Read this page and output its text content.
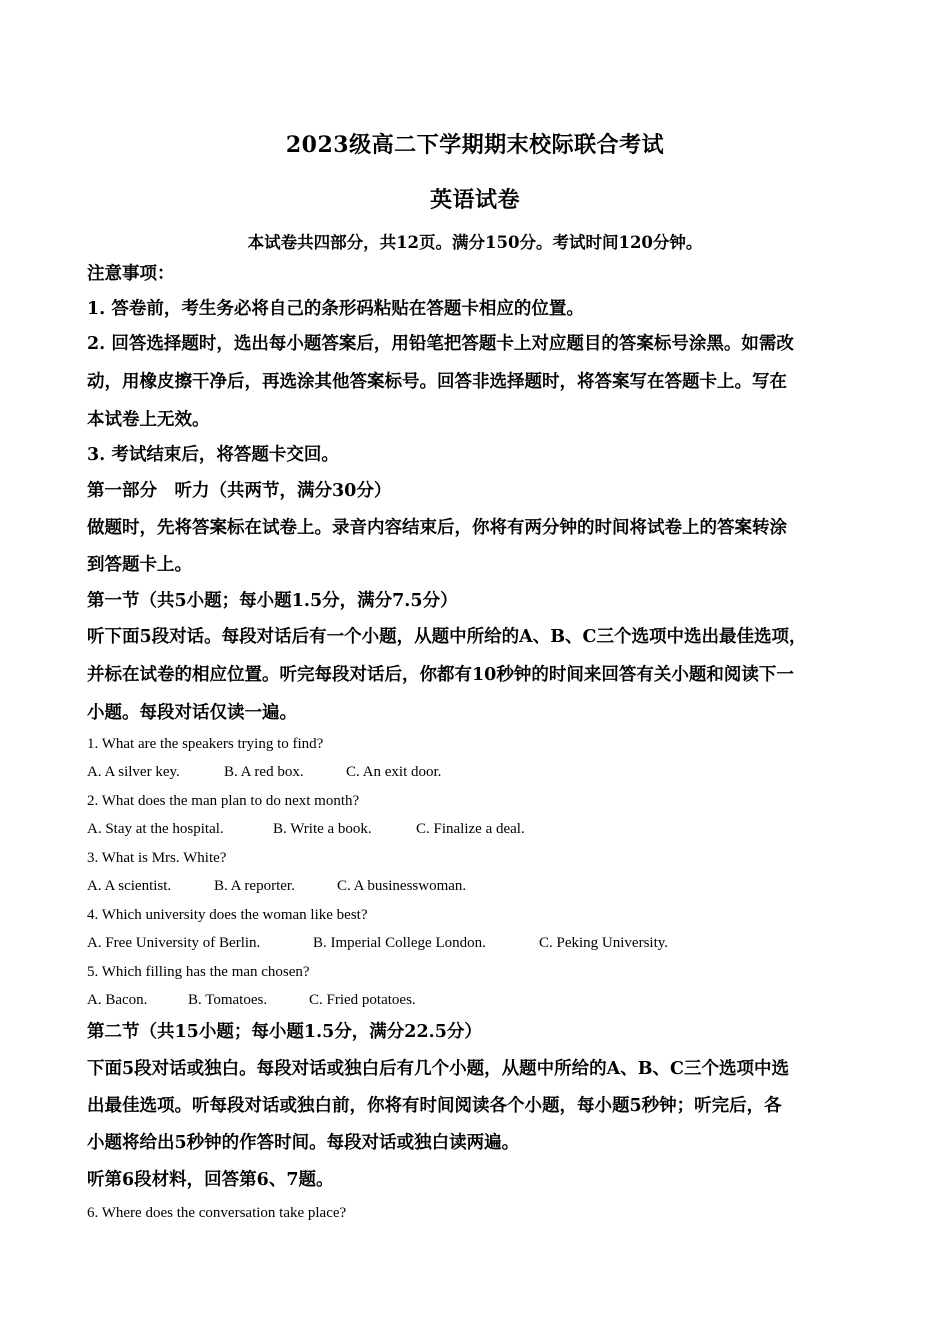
2023级高二下学期期末校际联合考试
英语试卷
本试卷共四部分，共12页。满分150分。考试时间120分钟。
注意事项：
1. 答卷前，考生务必将自己的条形码粘贴在答题卡相应的位置。
2. 回答选择题时，选出每小题答案后，用铅笔把答题卡上对应题目的答案标号涂黑。如需改
动，用橡皮擦干净后，再选涂其他答案标号。回答非选择题时，将答案写在答题卡上。写在
本试卷上无效。
3. 考试结束后，将答题卡交回。
第一部分　听力（共两节，满分30分）
做题时，先将答案标在试卷上。录音内容结束后，你将有两分钟的时间将试卷上的答案转涂
到答题卡上。
第一节（共5小题；每小题1.5分，满分7.5分）
听下面5段对话。每段对话后有一个小题，从题中所给的A、B、C三个选项中选出最佳选项，
并标在试卷的相应位置。听完每段对话后，你都有10秒钟的时间来回答有关小题和阅读下一
小题。每段对话仅读一遍。
1. What are the speakers trying to find?
A. A silver key.	B. A red box.	C. An exit door.
2. What does the man plan to do next month?
A. Stay at the hospital.	B. Write a book.	C. Finalize a deal.
3. What is Mrs. White?
A. A scientist.	B. A reporter.	C. A businesswoman.
4. Which university does the woman like best?
A. Free University of Berlin.	B. Imperial College London.	C. Peking University.
5. Which filling has the man chosen?
A. Bacon.	B. Tomatoes.	C. Fried potatoes.
第二节（共15小题；每小题1.5分，满分22.5分）
下面5段对话或独白。每段对话或独白后有几个小题，从题中所给的A、B、C三个选项中选
出最佳选项。听每段对话或独白前，你将有时间阅读各个小题，每小题5秒钟；听完后，各
小题将给出5秒钟的作答时间。每段对话或独白读两遍。
听第6段材料，回答第6、7题。
6. Where does the conversation take place?
